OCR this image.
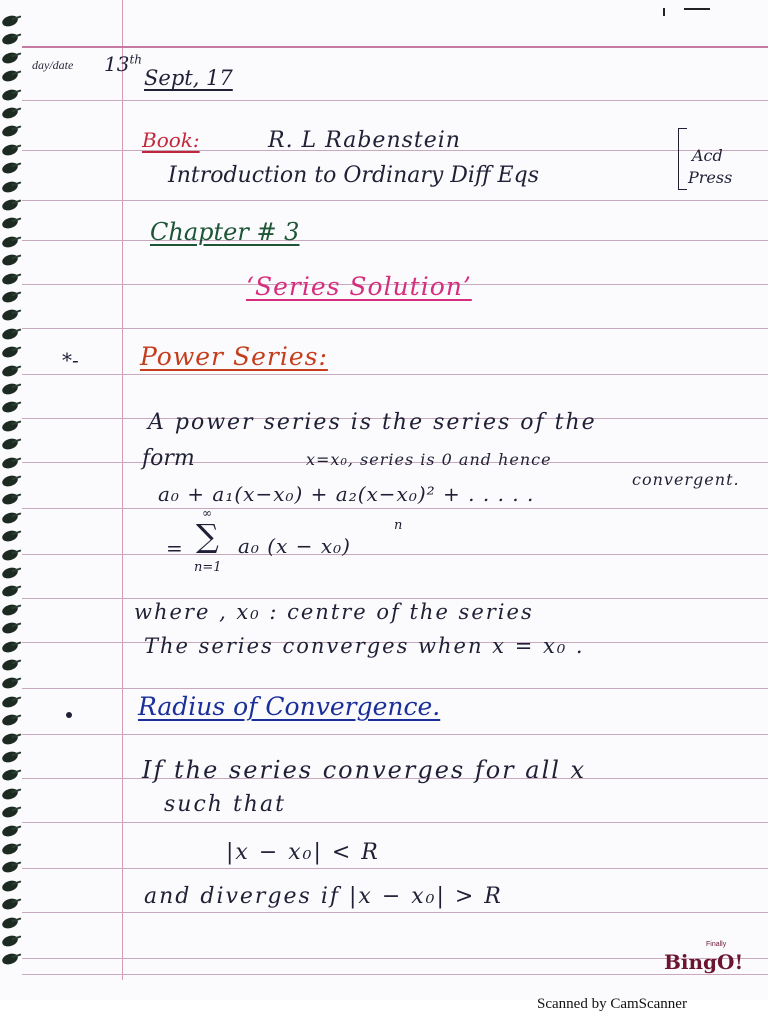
day/date 13th
Sept, 17
Book:	R. L Rabenstein
Introduction to Ordinary Diff Eqs
Acd
Press
Chapter # 3
‘Series Solution’
*- Power Series:
A power series is the series of the
form	x=x₀, series is 0 and hence
convergent.
a₀ + a₁(x−x₀) + a₂(x−x₀)² + . . . . .
=
∞
∑
n=1
a₀ (x − x₀)
n
where , x₀ : centre of the series
The series converges when x = x₀ .
Radius of Convergence.
If the series converges for all x
such that
|x − x₀| < R
and diverges if |x − x₀| > R
Finally
BingO!
Scanned by CamScanner
